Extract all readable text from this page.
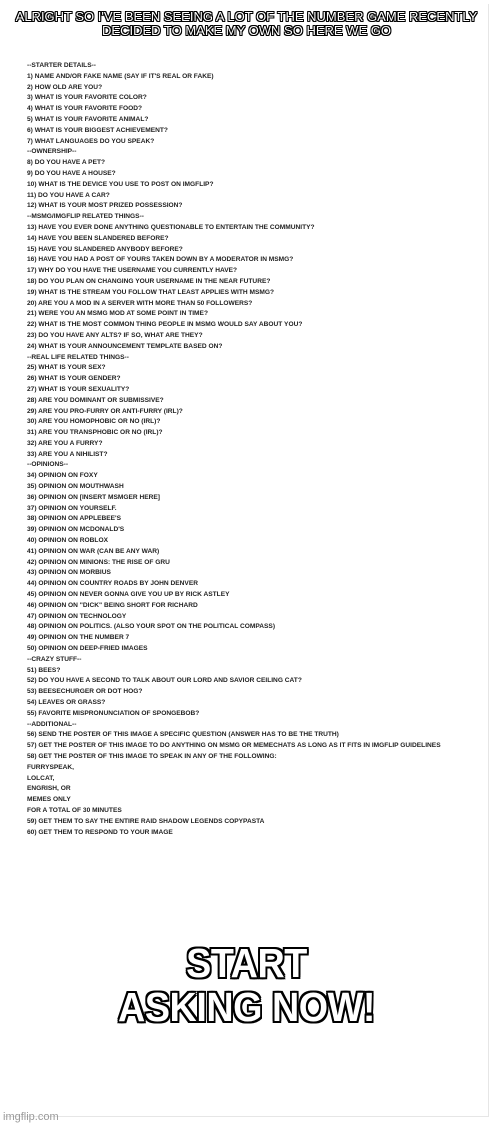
ALRIGHT SO I'VE BEEN SEEING A LOT OF THE NUMBER GAME RECENTLY
DECIDED TO MAKE MY OWN SO HERE WE GO
--STARTER DETAILS--
1) NAME AND/OR FAKE NAME (SAY IF IT'S REAL OR FAKE)
2) HOW OLD ARE YOU?
3) WHAT IS YOUR FAVORITE COLOR?
4) WHAT IS YOUR FAVORITE FOOD?
5) WHAT IS YOUR FAVORITE ANIMAL?
6) WHAT IS YOUR BIGGEST ACHIEVEMENT?
7) WHAT LANGUAGES DO YOU SPEAK?
--OWNERSHIP--
8) DO YOU HAVE A PET?
9) DO YOU HAVE A HOUSE?
10) WHAT IS THE DEVICE YOU USE TO POST ON IMGFLIP?
11) DO YOU HAVE A CAR?
12) WHAT IS YOUR MOST PRIZED POSSESSION?
--MSMG/IMGFLIP RELATED THINGS--
13) HAVE YOU EVER DONE ANYTHING QUESTIONABLE TO ENTERTAIN THE COMMUNITY?
14) HAVE YOU BEEN SLANDERED BEFORE?
15) HAVE YOU SLANDERED ANYBODY BEFORE?
16) HAVE YOU HAD A POST OF YOURS TAKEN DOWN BY A MODERATOR IN MSMG?
17) WHY DO YOU HAVE THE USERNAME YOU CURRENTLY HAVE?
18) DO YOU PLAN ON CHANGING YOUR USERNAME IN THE NEAR FUTURE?
19) WHAT IS THE STREAM YOU FOLLOW THAT LEAST APPLIES WITH MSMG?
20) ARE YOU A MOD IN A SERVER WITH MORE THAN 50 FOLLOWERS?
21) WERE YOU AN MSMG MOD AT SOME POINT IN TIME?
22) WHAT IS THE MOST COMMON THING PEOPLE IN MSMG WOULD SAY ABOUT YOU?
23) DO YOU HAVE ANY ALTS? IF SO, WHAT ARE THEY?
24) WHAT IS YOUR ANNOUNCEMENT TEMPLATE BASED ON?
--REAL LIFE RELATED THINGS--
25) WHAT IS YOUR SEX?
26) WHAT IS YOUR GENDER?
27) WHAT IS YOUR SEXUALITY?
28) ARE YOU DOMINANT OR SUBMISSIVE?
29) ARE YOU PRO-FURRY OR ANTI-FURRY (IRL)?
30) ARE YOU HOMOPHOBIC OR NO (IRL)?
31) ARE YOU TRANSPHOBIC OR NO (IRL)?
32) ARE YOU A FURRY?
33) ARE YOU A NIHILIST?
--OPINIONS--
34) OPINION ON FOXY
35) OPINION ON MOUTHWASH
36) OPINION ON [INSERT MSMGER HERE]
37) OPINION ON YOURSELF.
38) OPINION ON APPLEBEE'S
39) OPINION ON MCDONALD'S
40) OPINION ON ROBLOX
41) OPINION ON WAR (CAN BE ANY WAR)
42) OPINION ON MINIONS: THE RISE OF GRU
43) OPINION ON MORBIUS
44) OPINION ON COUNTRY ROADS BY JOHN DENVER
45) OPINION ON NEVER GONNA GIVE YOU UP BY RICK ASTLEY
46) OPINION ON "DICK" BEING SHORT FOR RICHARD
47) OPINION ON TECHNOLOGY
48) OPINION ON POLITICS. (ALSO YOUR SPOT ON THE POLITICAL COMPASS)
49) OPINION ON THE NUMBER 7
50) OPINION ON DEEP-FRIED IMAGES
--CRAZY STUFF--
51) BEES?
52) DO YOU HAVE A SECOND TO TALK ABOUT OUR LORD AND SAVIOR CEILING CAT?
53) BEESECHURGER OR DOT HOG?
54) LEAVES OR GRASS?
55) FAVORITE MISPRONUNCIATION OF SPONGEBOB?
--ADDITIONAL--
56) SEND THE POSTER OF THIS IMAGE A SPECIFIC QUESTION (ANSWER HAS TO BE THE TRUTH)
57) GET THE POSTER OF THIS IMAGE TO DO ANYTHING ON MSMG OR MEMECHATS AS LONG AS IT FITS IN IMGFLIP GUIDELINES
58) GET THE POSTER OF THIS IMAGE TO SPEAK IN ANY OF THE FOLLOWING:
FURRYSPEAK,
LOLCAT,
ENGRISH, OR
MEMES ONLY
FOR A TOTAL OF 30 MINUTES
59) GET THEM TO SAY THE ENTIRE RAID SHADOW LEGENDS COPYPASTA
60) GET THEM TO RESPOND TO YOUR IMAGE
START
ASKING NOW!
imgflip.com
